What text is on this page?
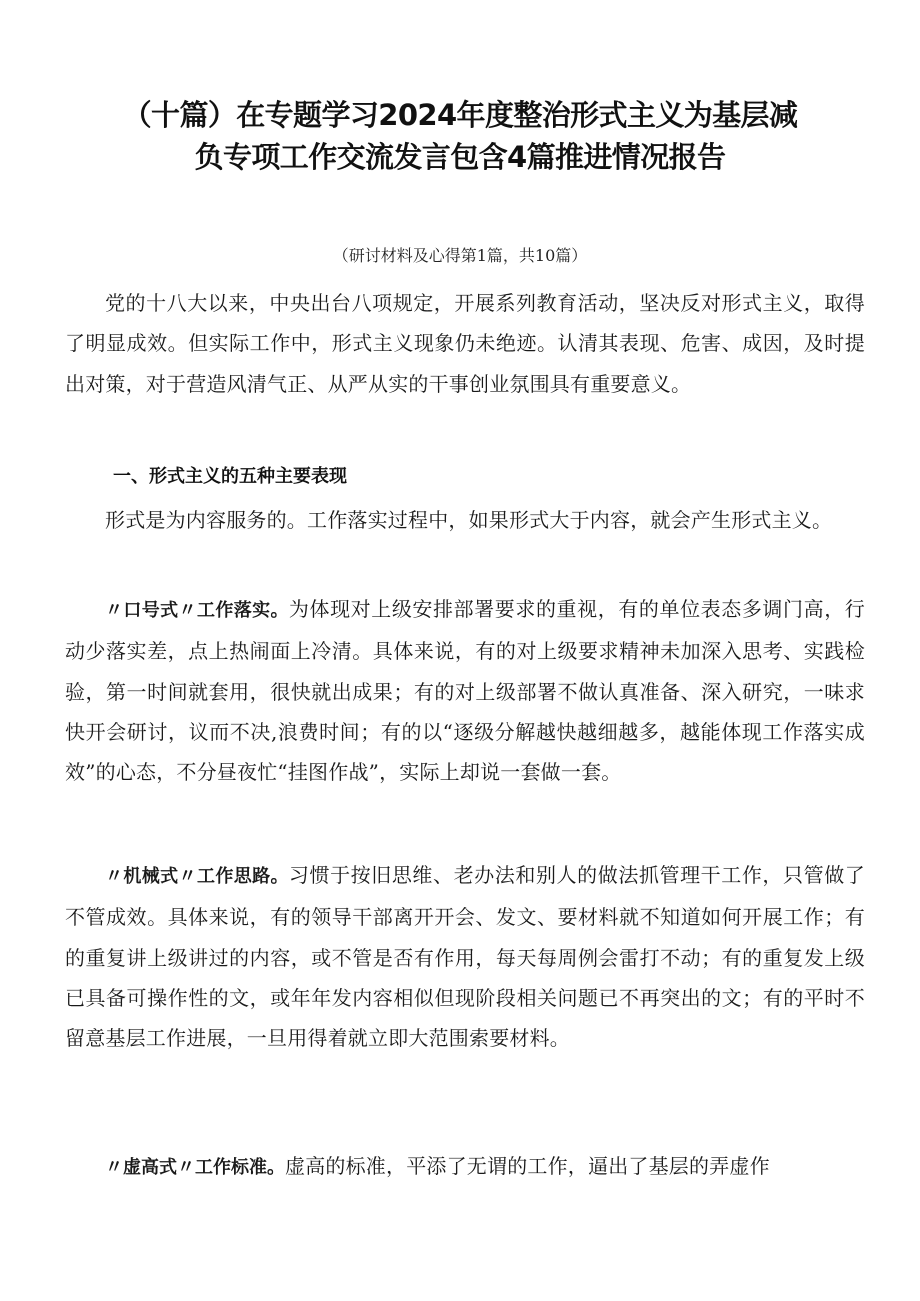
（十篇）在专题学习2024年度整治形式主义为基层减
负专项工作交流发言包含4篇推进情况报告
（研讨材料及心得第1篇，共10篇）

党的十八大以来，中央出台八项规定，开展系列教育活动，坚决反对形式主义，取得了明显成效。但实际工作中，形式主义现象仍未绝迹。认清其表现、危害、成因，及时提出对策，对于营造风清气正、从严从实的干事创业氛围具有重要意义。

一、形式主义的五种主要表现

形式是为内容服务的。工作落实过程中，如果形式大于内容，就会产生形式主义。

〃口号式〃工作落实。为体现对上级安排部署要求的重视，有的单位表态多调门高，行动少落实差，点上热闹面上冷清。具体来说，有的对上级要求精神未加深入思考、实践检验，第一时间就套用，很快就出成果；有的对上级部署不做认真准备、深入研究，一味求快开会研讨，议而不决,浪费时间；有的以“逐级分解越快越细越多，越能体现工作落实成效”的心态，不分昼夜忙“挂图作战”，实际上却说一套做一套。

〃机械式〃工作思路。习惯于按旧思维、老办法和别人的做法抓管理干工作，只管做了不管成效。具体来说，有的领导干部离开开会、发文、要材料就不知道如何开展工作；有的重复讲上级讲过的内容，或不管是否有作用，每天每周例会雷打不动；有的重复发上级已具备可操作性的文，或年年发内容相似但现阶段相关问题已不再突出的文；有的平时不留意基层工作进展，一旦用得着就立即大范围索要材料。

〃虚高式〃工作标准。虚高的标准，平添了无谓的工作，逼出了基层的弄虚作
